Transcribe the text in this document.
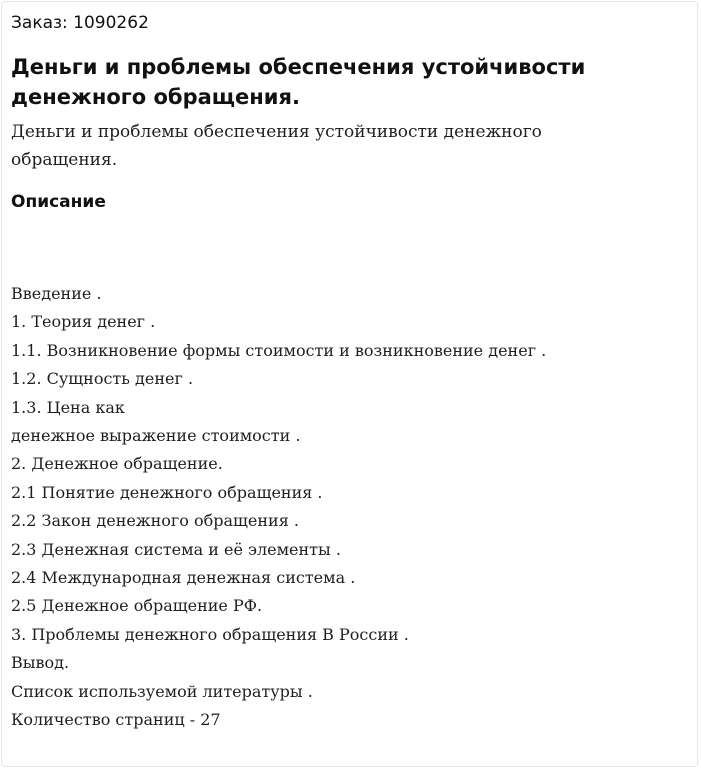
Заказ: 1090262
Деньги и проблемы обеспечения устойчивости денежного обращения.

Деньги и проблемы обеспечения устойчивости денежного обращения.

Описание
Введение .
1. Теория денег .
1.1. Возникновение формы стоимости и возникновение денег .
1.2. Сущность денег .
1.3. Цена как
денежное выражение стоимости .
2. Денежное обращение.
2.1 Понятие денежного обращения .
2.2 Закон денежного обращения .
2.3 Денежная система и её элементы .
2.4 Международная денежная система .
2.5 Денежное обращение РФ.
3. Проблемы денежного обращения В России .
Вывод.
Список используемой литературы .
Количество страниц - 27
